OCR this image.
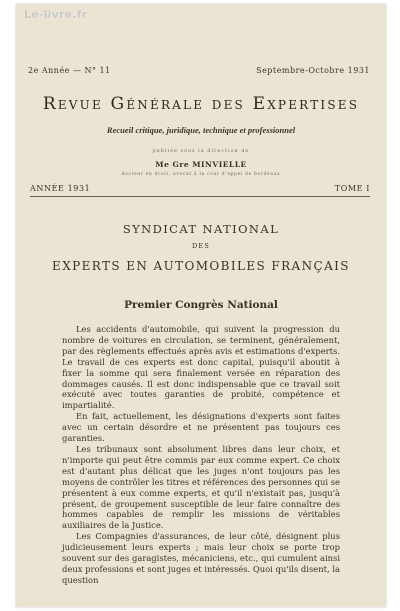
Le-livre.fr
2e Année — N° 11	Septembre-Octobre 1931
Revue Générale des Expertises
Recueil critique, juridique, technique et professionnel
publiée sous la direction de
Me Gre MINVIELLE
docteur en droit, avocat à la cour d'appel de bordeaux
ANNÉE 1931	TOME I
SYNDICAT NATIONAL
DES
EXPERTS EN AUTOMOBILES FRANÇAIS
Premier Congrès National

Les accidents d'automobile, qui suivent la progression du nombre de voitures en circulation, se terminent, généralement, par des règlements effectués après avis et estimations d'experts. Le travail de ces experts est donc capital, puisqu'il aboutit à fixer la somme qui sera finalement versée en réparation des dommages causés. Il est donc indispensable que ce travail soit exécuté avec toutes garanties de probité, compétence et impartialité.

En fait, actuellement, les désignations d'experts sont faites avec un certain désordre et ne présentent pas toujours ces garanties.

Les tribunaux sont absolument libres dans leur choix, et n'importe qui peut être commis par eux comme expert. Ce choix est d'autant plus délicat que les juges n'ont toujours pas les moyens de contrôler les titres et références des personnes qui se présentent à eux comme experts, et qu'il n'existait pas, jusqu'à présent, de groupement susceptible de leur faire connaître des hommes capables de remplir les missions de véritables auxiliaires de la Justice.

Les Compagnies d'assurances, de leur côté, désignent plus judicieusement leurs experts ; mais leur choix se porte trop souvent sur des garagistes, mécaniciens, etc., qui cumulent ainsi deux professions et sont juges et intéressés. Quoi qu'ils disent, la question
